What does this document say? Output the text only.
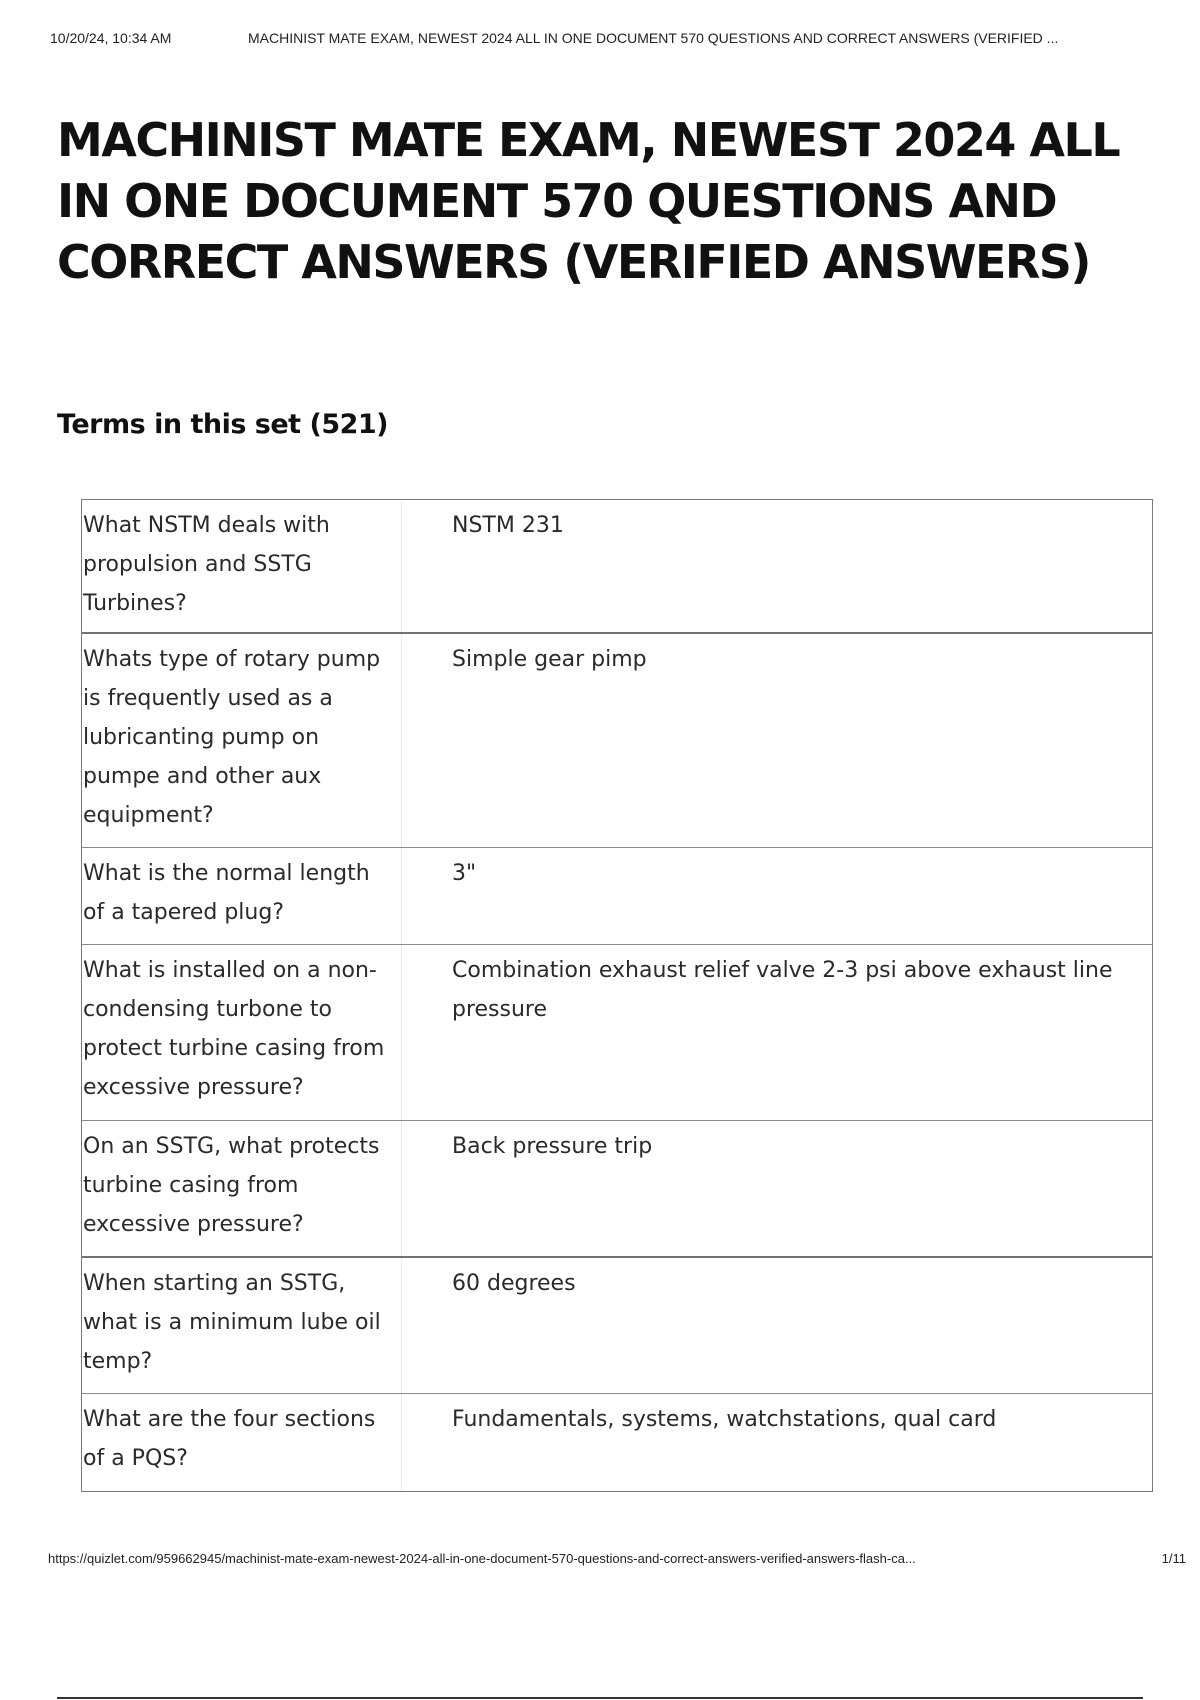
10/20/24, 10:34 AM	MACHINIST MATE EXAM, NEWEST 2024 ALL IN ONE DOCUMENT 570 QUESTIONS AND CORRECT ANSWERS (VERIFIED ...
MACHINIST MATE EXAM, NEWEST 2024 ALL IN ONE DOCUMENT 570 QUESTIONS AND CORRECT ANSWERS (VERIFIED ANSWERS)
Terms in this set (521)
What NSTM deals with propulsion and SSTG Turbines?
NSTM 231
Whats type of rotary pump is frequently used as a lubricanting pump on pumpe and other aux equipment?
Simple gear pimp
What is the normal length of a tapered plug?
3"
What is installed on a non-condensing turbone to protect turbine casing from excessive pressure?
Combination exhaust relief valve 2-3 psi above exhaust line pressure
On an SSTG, what protects turbine casing from excessive pressure?
Back pressure trip
When starting an SSTG, what is a minimum lube oil temp?
60 degrees
What are the four sections of a PQS?
Fundamentals, systems, watchstations, qual card
https://quizlet.com/959662945/machinist-mate-exam-newest-2024-all-in-one-document-570-questions-and-correct-answers-verified-answers-flash-ca...	1/11
